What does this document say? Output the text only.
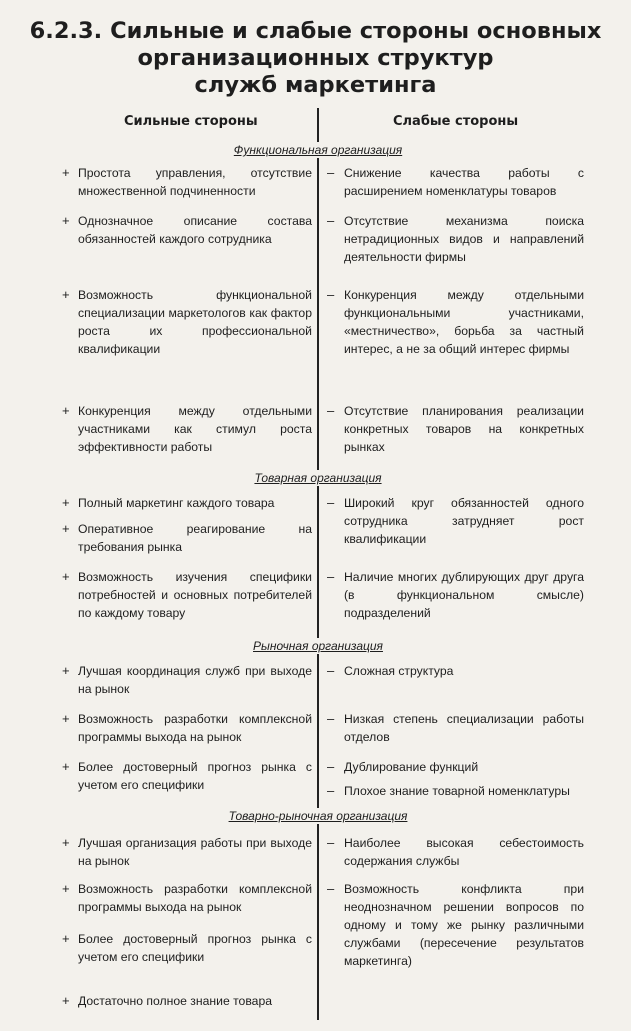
6.2.3. Сильные и слабые стороны основных
организационных структур
служб маркетинга
Сильные стороны	Слабые стороны
Функциональная организация
+ Простота управления, отсутствие множественной подчиненности
– Снижение качества работы с расширением номенклатуры товаров
+ Однозначное описание состава обязанностей каждого сотрудника
– Отсутствие механизма поиска нетрадиционных видов и направлений деятельности фирмы
+ Возможность функциональной специализации маркетологов как фактор роста их профессиональной квалификации
– Конкуренция между отдельными функциональными участниками, «местничество», борьба за частный интерес, а не за общий интерес фирмы
+ Конкуренция между отдельными участниками как стимул роста эффективности работы
– Отсутствие планирования реализации конкретных товаров на конкретных рынках
Товарная организация
+ Полный маркетинг каждого товара	– Широкий круг обязанностей одного сотрудника затрудняет рост квалификации
+ Оперативное реагирование на требования рынка
+ Возможность изучения специфики потребностей и основных потребителей по каждому товару
– Наличие многих дублирующих друг друга (в функциональном смысле) подразделений
Рыночная организация
+ Лучшая координация служб при выходе на рынок
– Сложная структура
+ Возможность разработки комплексной программы выхода на рынок
– Низкая степень специализации работы отделов
+ Более достоверный прогноз рынка с учетом его специфики
– Дублирование функций
– Плохое знание товарной номенклатуры
Товарно-рыночная организация
+ Лучшая организация работы при выходе на рынок
– Наиболее высокая себестоимость содержания службы
+ Возможность разработки комплексной программы выхода на рынок
– Возможность конфликта при неоднозначном решении вопросов по одному и тому же рынку различными службами (пересечение результатов маркетинга)
+ Более достоверный прогноз рынка с учетом его специфики
+ Достаточно полное знание товара
